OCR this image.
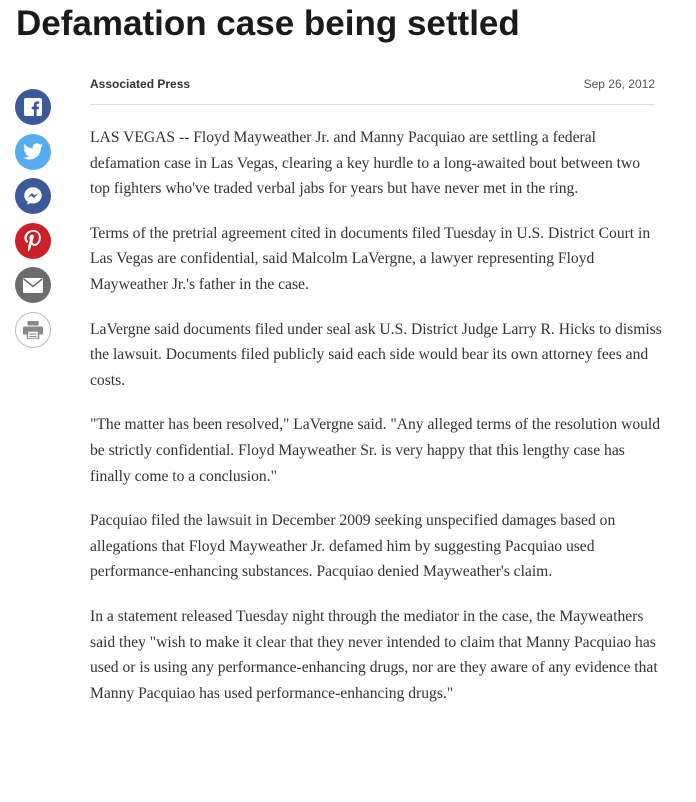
Defamation case being settled
Associated Press	Sep 26, 2012

LAS VEGAS -- Floyd Mayweather Jr. and Manny Pacquiao are settling a federal defamation case in Las Vegas, clearing a key hurdle to a long-awaited bout between two top fighters who've traded verbal jabs for years but have never met in the ring.

Terms of the pretrial agreement cited in documents filed Tuesday in U.S. District Court in Las Vegas are confidential, said Malcolm LaVergne, a lawyer representing Floyd Mayweather Jr.'s father in the case.

LaVergne said documents filed under seal ask U.S. District Judge Larry R. Hicks to dismiss the lawsuit. Documents filed publicly said each side would bear its own attorney fees and costs.

"The matter has been resolved," LaVergne said. "Any alleged terms of the resolution would be strictly confidential. Floyd Mayweather Sr. is very happy that this lengthy case has finally come to a conclusion."

Pacquiao filed the lawsuit in December 2009 seeking unspecified damages based on allegations that Floyd Mayweather Jr. defamed him by suggesting Pacquiao used performance-enhancing substances. Pacquiao denied Mayweather's claim.

In a statement released Tuesday night through the mediator in the case, the Mayweathers said they "wish to make it clear that they never intended to claim that Manny Pacquiao has used or is using any performance-enhancing drugs, nor are they aware of any evidence that Manny Pacquiao has used performance-enhancing drugs."
